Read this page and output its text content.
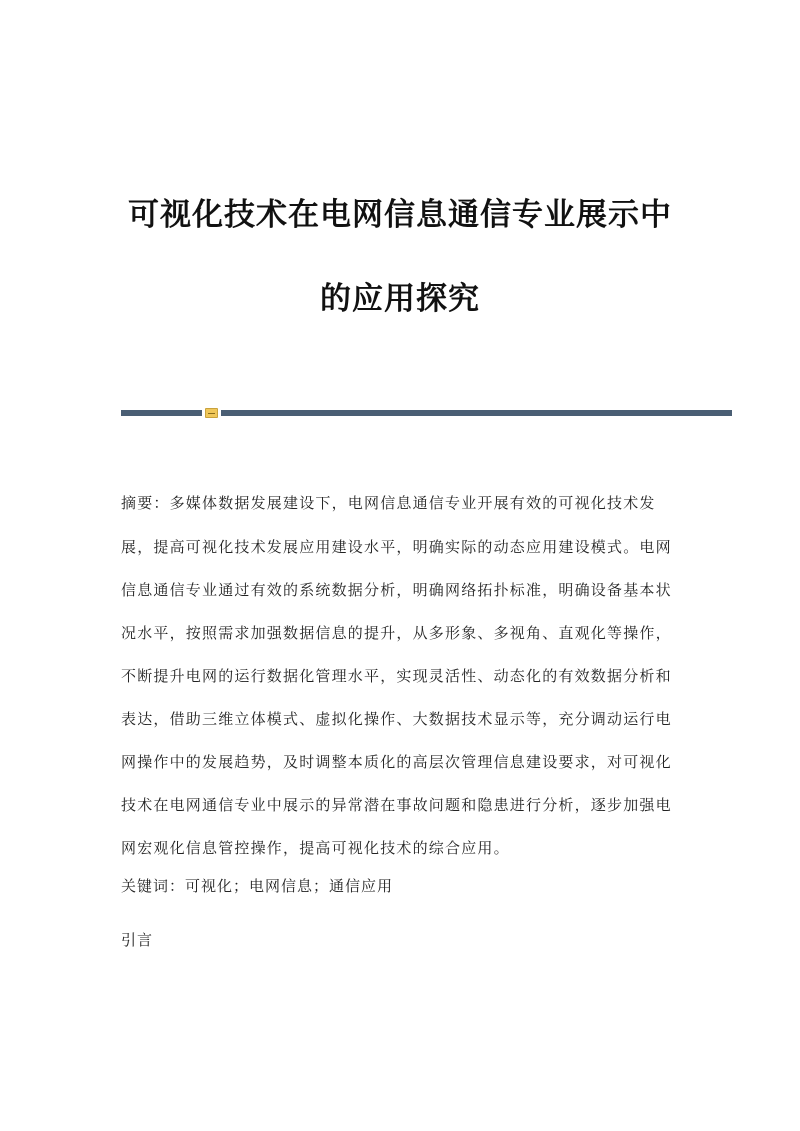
可视化技术在电网信息通信专业展示中
的应用探究
摘要：多媒体数据发展建设下，电网信息通信专业开展有效的可视化技术发
展，提高可视化技术发展应用建设水平，明确实际的动态应用建设模式。电网
信息通信专业通过有效的系统数据分析，明确网络拓扑标准，明确设备基本状
况水平，按照需求加强数据信息的提升，从多形象、多视角、直观化等操作，
不断提升电网的运行数据化管理水平，实现灵活性、动态化的有效数据分析和
表达，借助三维立体模式、虚拟化操作、大数据技术显示等，充分调动运行电
网操作中的发展趋势，及时调整本质化的高层次管理信息建设要求，对可视化
技术在电网通信专业中展示的异常潜在事故问题和隐患进行分析，逐步加强电
网宏观化信息管控操作，提高可视化技术的综合应用。
关键词：可视化；电网信息；通信应用
引言
